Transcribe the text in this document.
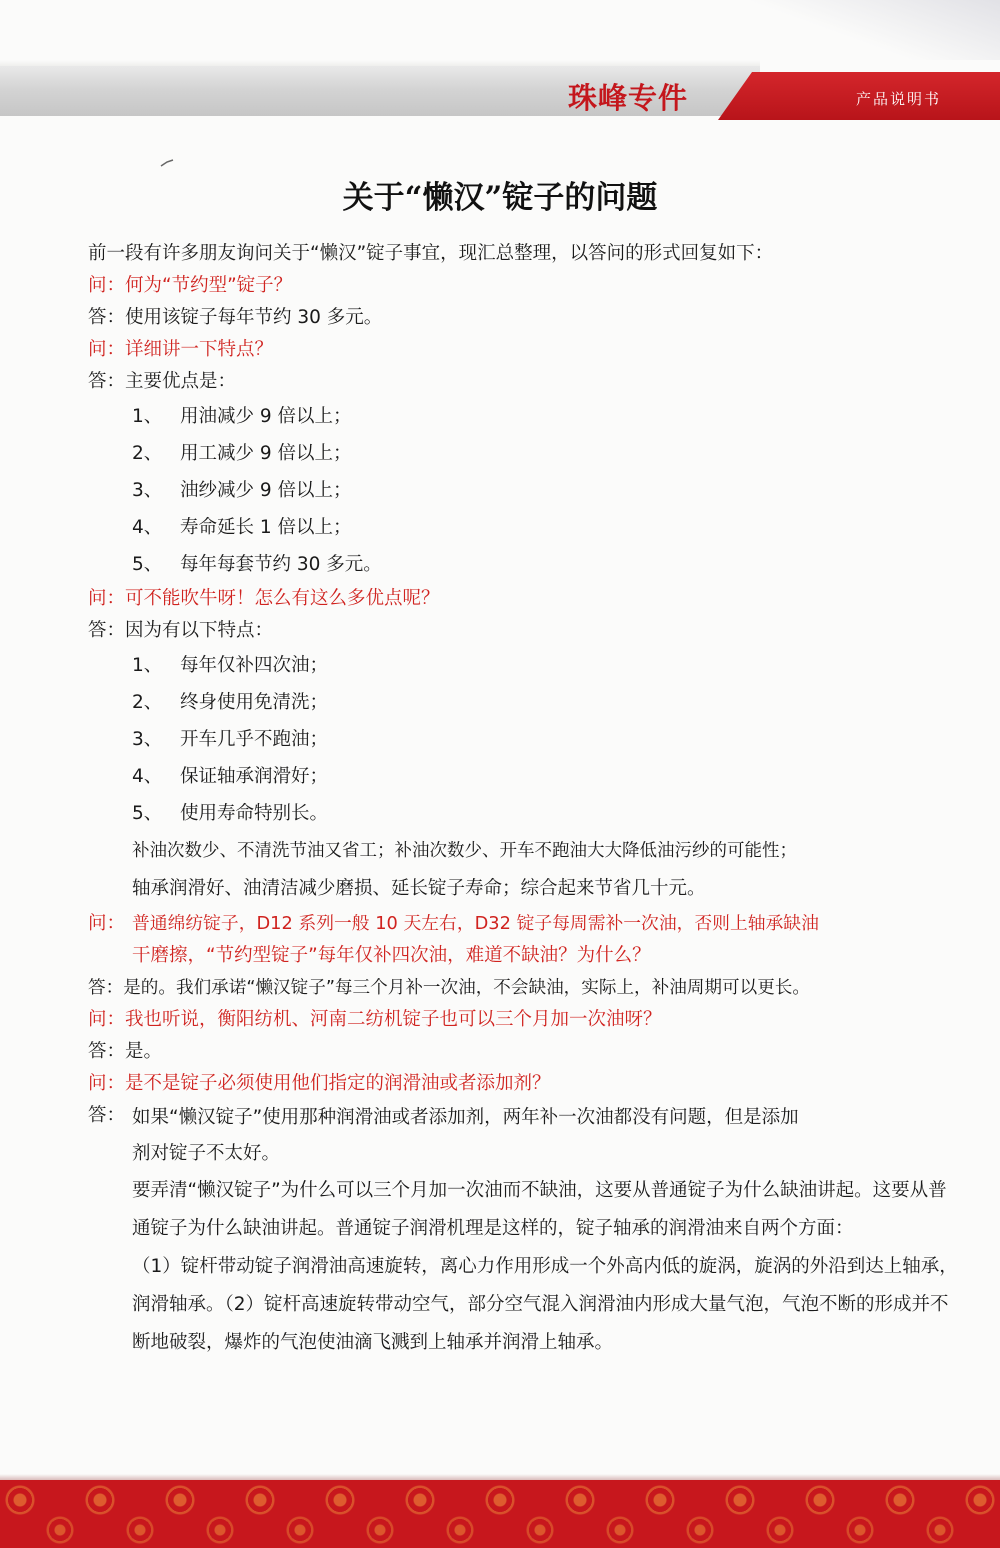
珠峰专件	产品说明书
关于“懒汉”锭子的问题
前一段有许多朋友询问关于“懒汉”锭子事宜，现汇总整理，以答问的形式回复如下：
问：何为“节约型”锭子？
答：使用该锭子每年节约 30 多元。
问：详细讲一下特点？
答：主要优点是：
1、 用油减少 9 倍以上；
2、 用工减少 9 倍以上；
3、 油纱减少 9 倍以上；
4、 寿命延长 1 倍以上；
5、 每年每套节约 30 多元。
问：可不能吹牛呀！怎么有这么多优点呢？
答：因为有以下特点：
1、 每年仅补四次油；
2、 终身使用免清洗；
3、 开车几乎不跑油；
4、 保证轴承润滑好；
5、 使用寿命特别长。
补油次数少、不清洗节油又省工；补油次数少、开车不跑油大大降低油污纱的可能性；
轴承润滑好、油清洁减少磨损、延长锭子寿命；综合起来节省几十元。
问： 普通绵纺锭子，D12 系列一般 10 天左右，D32 锭子每周需补一次油，否则上轴承缺油
干磨擦，“节约型锭子”每年仅补四次油，难道不缺油？为什么？
答：是的。我们承诺“懒汉锭子”每三个月补一次油，不会缺油，实际上，补油周期可以更长。
问：我也听说，衡阳纺机、河南二纺机锭子也可以三个月加一次油呀？
答：是。
问：是不是锭子必须使用他们指定的润滑油或者添加剂？
答： 如果“懒汉锭子”使用那种润滑油或者添加剂，两年补一次油都没有问题，但是添加
剂对锭子不太好。
要弄清“懒汉锭子”为什么可以三个月加一次油而不缺油，这要从普通锭子为什么缺油讲起。这要从普通锭子为什么缺油讲起。普通锭子润滑机理是这样的，锭子轴承的润滑油来自两个方面：
（1）锭杆带动锭子润滑油高速旋转，离心力作用形成一个外高内低的旋涡，旋涡的外沿到达上轴承，润滑轴承。（2）锭杆高速旋转带动空气，部分空气混入润滑油内形成大量气泡，气泡不断的形成并不断地破裂，爆炸的气泡使油滴飞溅到上轴承并润滑上轴承。
